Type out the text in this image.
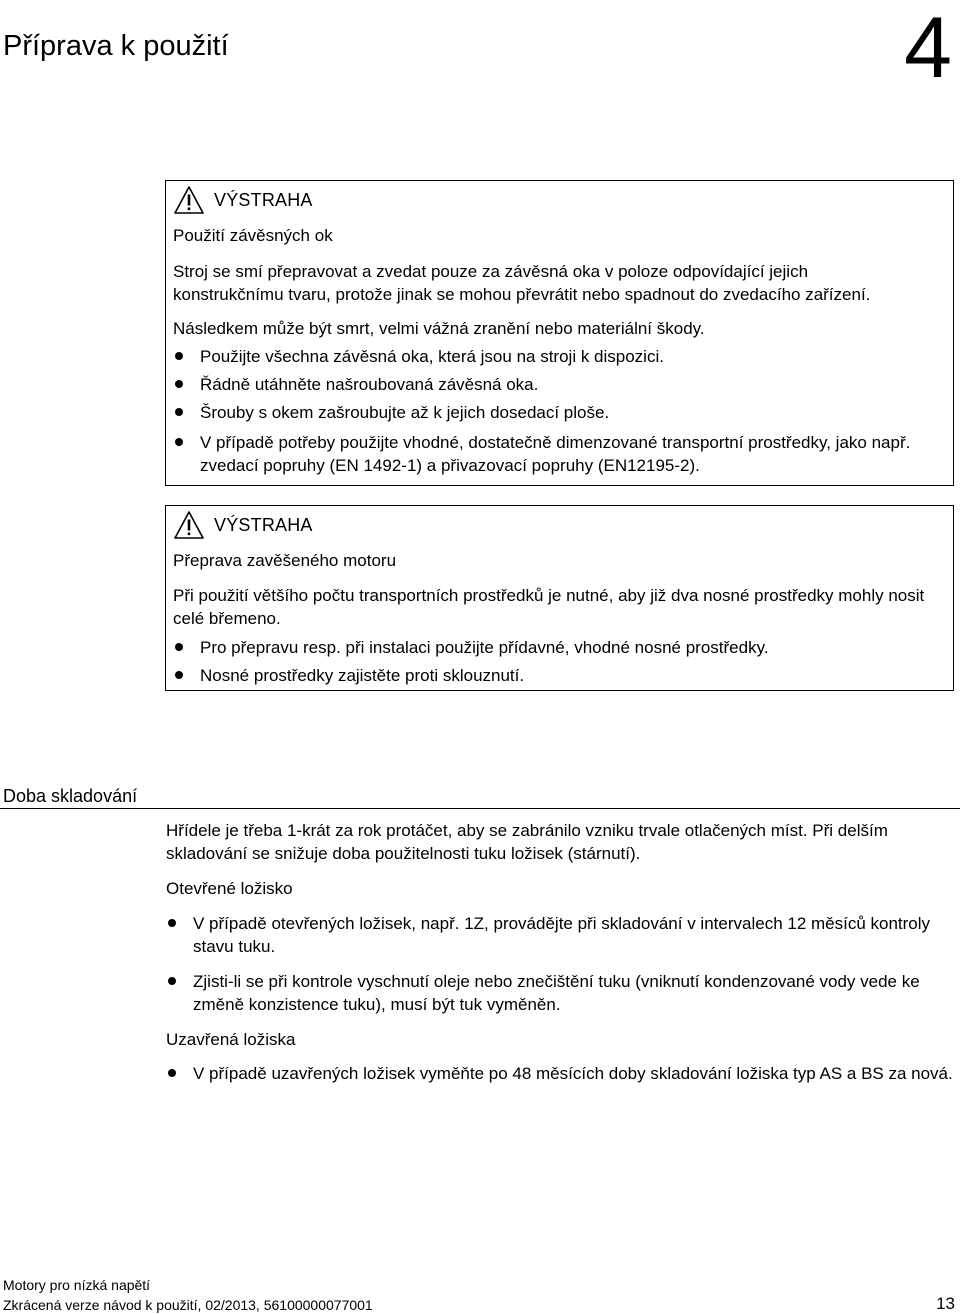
Příprava k použití	4
VÝSTRAHA
Použití závěsných ok
Stroj se smí přepravovat a zvedat pouze za závěsná oka v poloze odpovídající jejich konstrukčnímu tvaru, protože jinak se mohou převrátit nebo spadnout do zvedacího zařízení.
Následkem může být smrt, velmi vážná zranění nebo materiální škody.
Použijte všechna závěsná oka, která jsou na stroji k dispozici.
Řádně utáhněte našroubovaná závěsná oka.
Šrouby s okem zašroubujte až k jejich dosedací ploše.
V případě potřeby použijte vhodné, dostatečně dimenzované transportní prostředky, jako např. zvedací popruhy (EN 1492-1) a přivazovací popruhy (EN12195-2).
VÝSTRAHA
Přeprava zavěšeného motoru
Při použití většího počtu transportních prostředků je nutné, aby již dva nosné prostředky mohly nosit celé břemeno.
Pro přepravu resp. při instalaci použijte přídavné, vhodné nosné prostředky.
Nosné prostředky zajistěte proti sklouznutí.
Doba skladování
Hřídele je třeba 1-krát za rok protáčet, aby se zabránilo vzniku trvale otlačených míst. Při delším skladování se snižuje doba použitelnosti tuku ložisek (stárnutí).
Otevřené ložisko
V případě otevřených ložisek, např. 1Z, provádějte při skladování v intervalech 12 měsíců kontroly stavu tuku.
Zjisti-li se při kontrole vyschnutí oleje nebo znečištění tuku (vniknutí kondenzované vody vede ke změně konzistence tuku), musí být tuk vyměněn.
Uzavřená ložiska
V případě uzavřených ložisek vyměňte po 48 měsících doby skladování ložiska typ AS a BS za nová.
Motory pro nízká napětí
Zkrácená verze návod k použití, 02/2013, 56100000077001	13
